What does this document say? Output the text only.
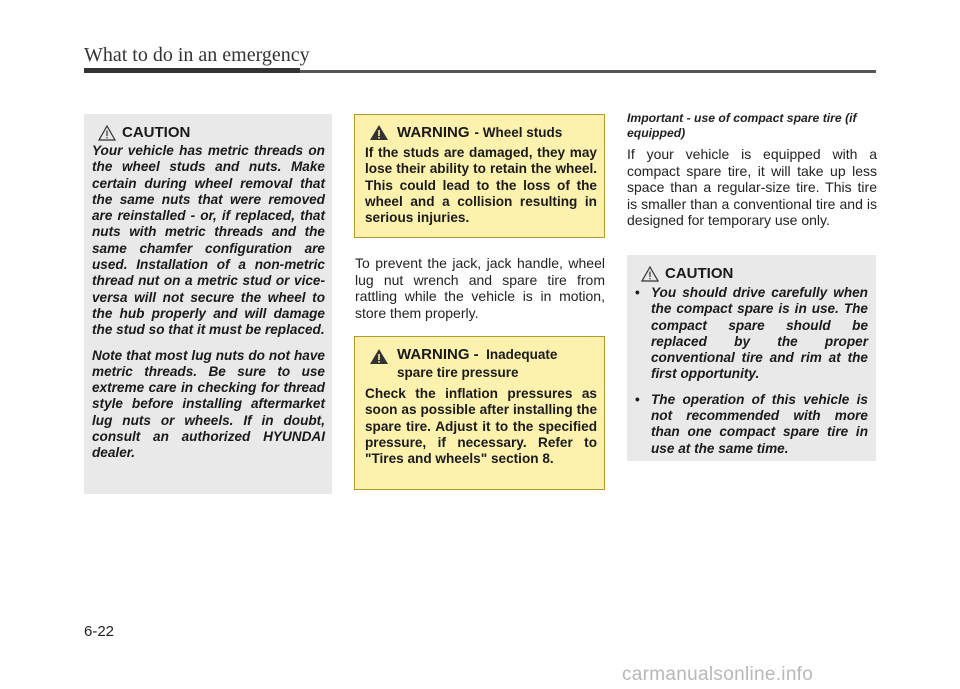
What to do in an emergency
CAUTION

Your vehicle has metric threads on the wheel studs and nuts. Make certain during wheel removal that the same nuts that were removed are reinstalled - or, if replaced, that nuts with metric threads and the same chamfer configuration are used. Installation of a non-metric thread nut on a metric stud or vice-versa will not secure the wheel to the hub properly and will damage the stud so that it must be replaced.

Note that most lug nuts do not have metric threads. Be sure to use extreme care in checking for thread style before installing aftermarket lug nuts or wheels. If in doubt, consult an authorized HYUNDAI dealer.

WARNING - Wheel studs
If the studs are damaged, they may lose their ability to retain the wheel. This could lead to the loss of the wheel and a collision resulting in serious injuries.
To prevent the jack, jack handle, wheel lug nut wrench and spare tire from rattling while the vehicle is in motion, store them properly.
WARNING - Inadequate spare tire pressure
Check the inflation pressures as soon as possible after installing the spare tire. Adjust it to the specified pressure, if necessary. Refer to "Tires and wheels" section 8.
Important - use of compact spare tire (if equipped)
If your vehicle is equipped with a compact spare tire, it will take up less space than a regular-size tire. This tire is smaller than a conventional tire and is designed for temporary use only.
CAUTION
• You should drive carefully when the compact spare is in use. The compact spare should be replaced by the proper conventional tire and rim at the first opportunity.
• The operation of this vehicle is not recommended with more than one compact spare tire in use at the same time.
6-22
carmanualsonline.info
